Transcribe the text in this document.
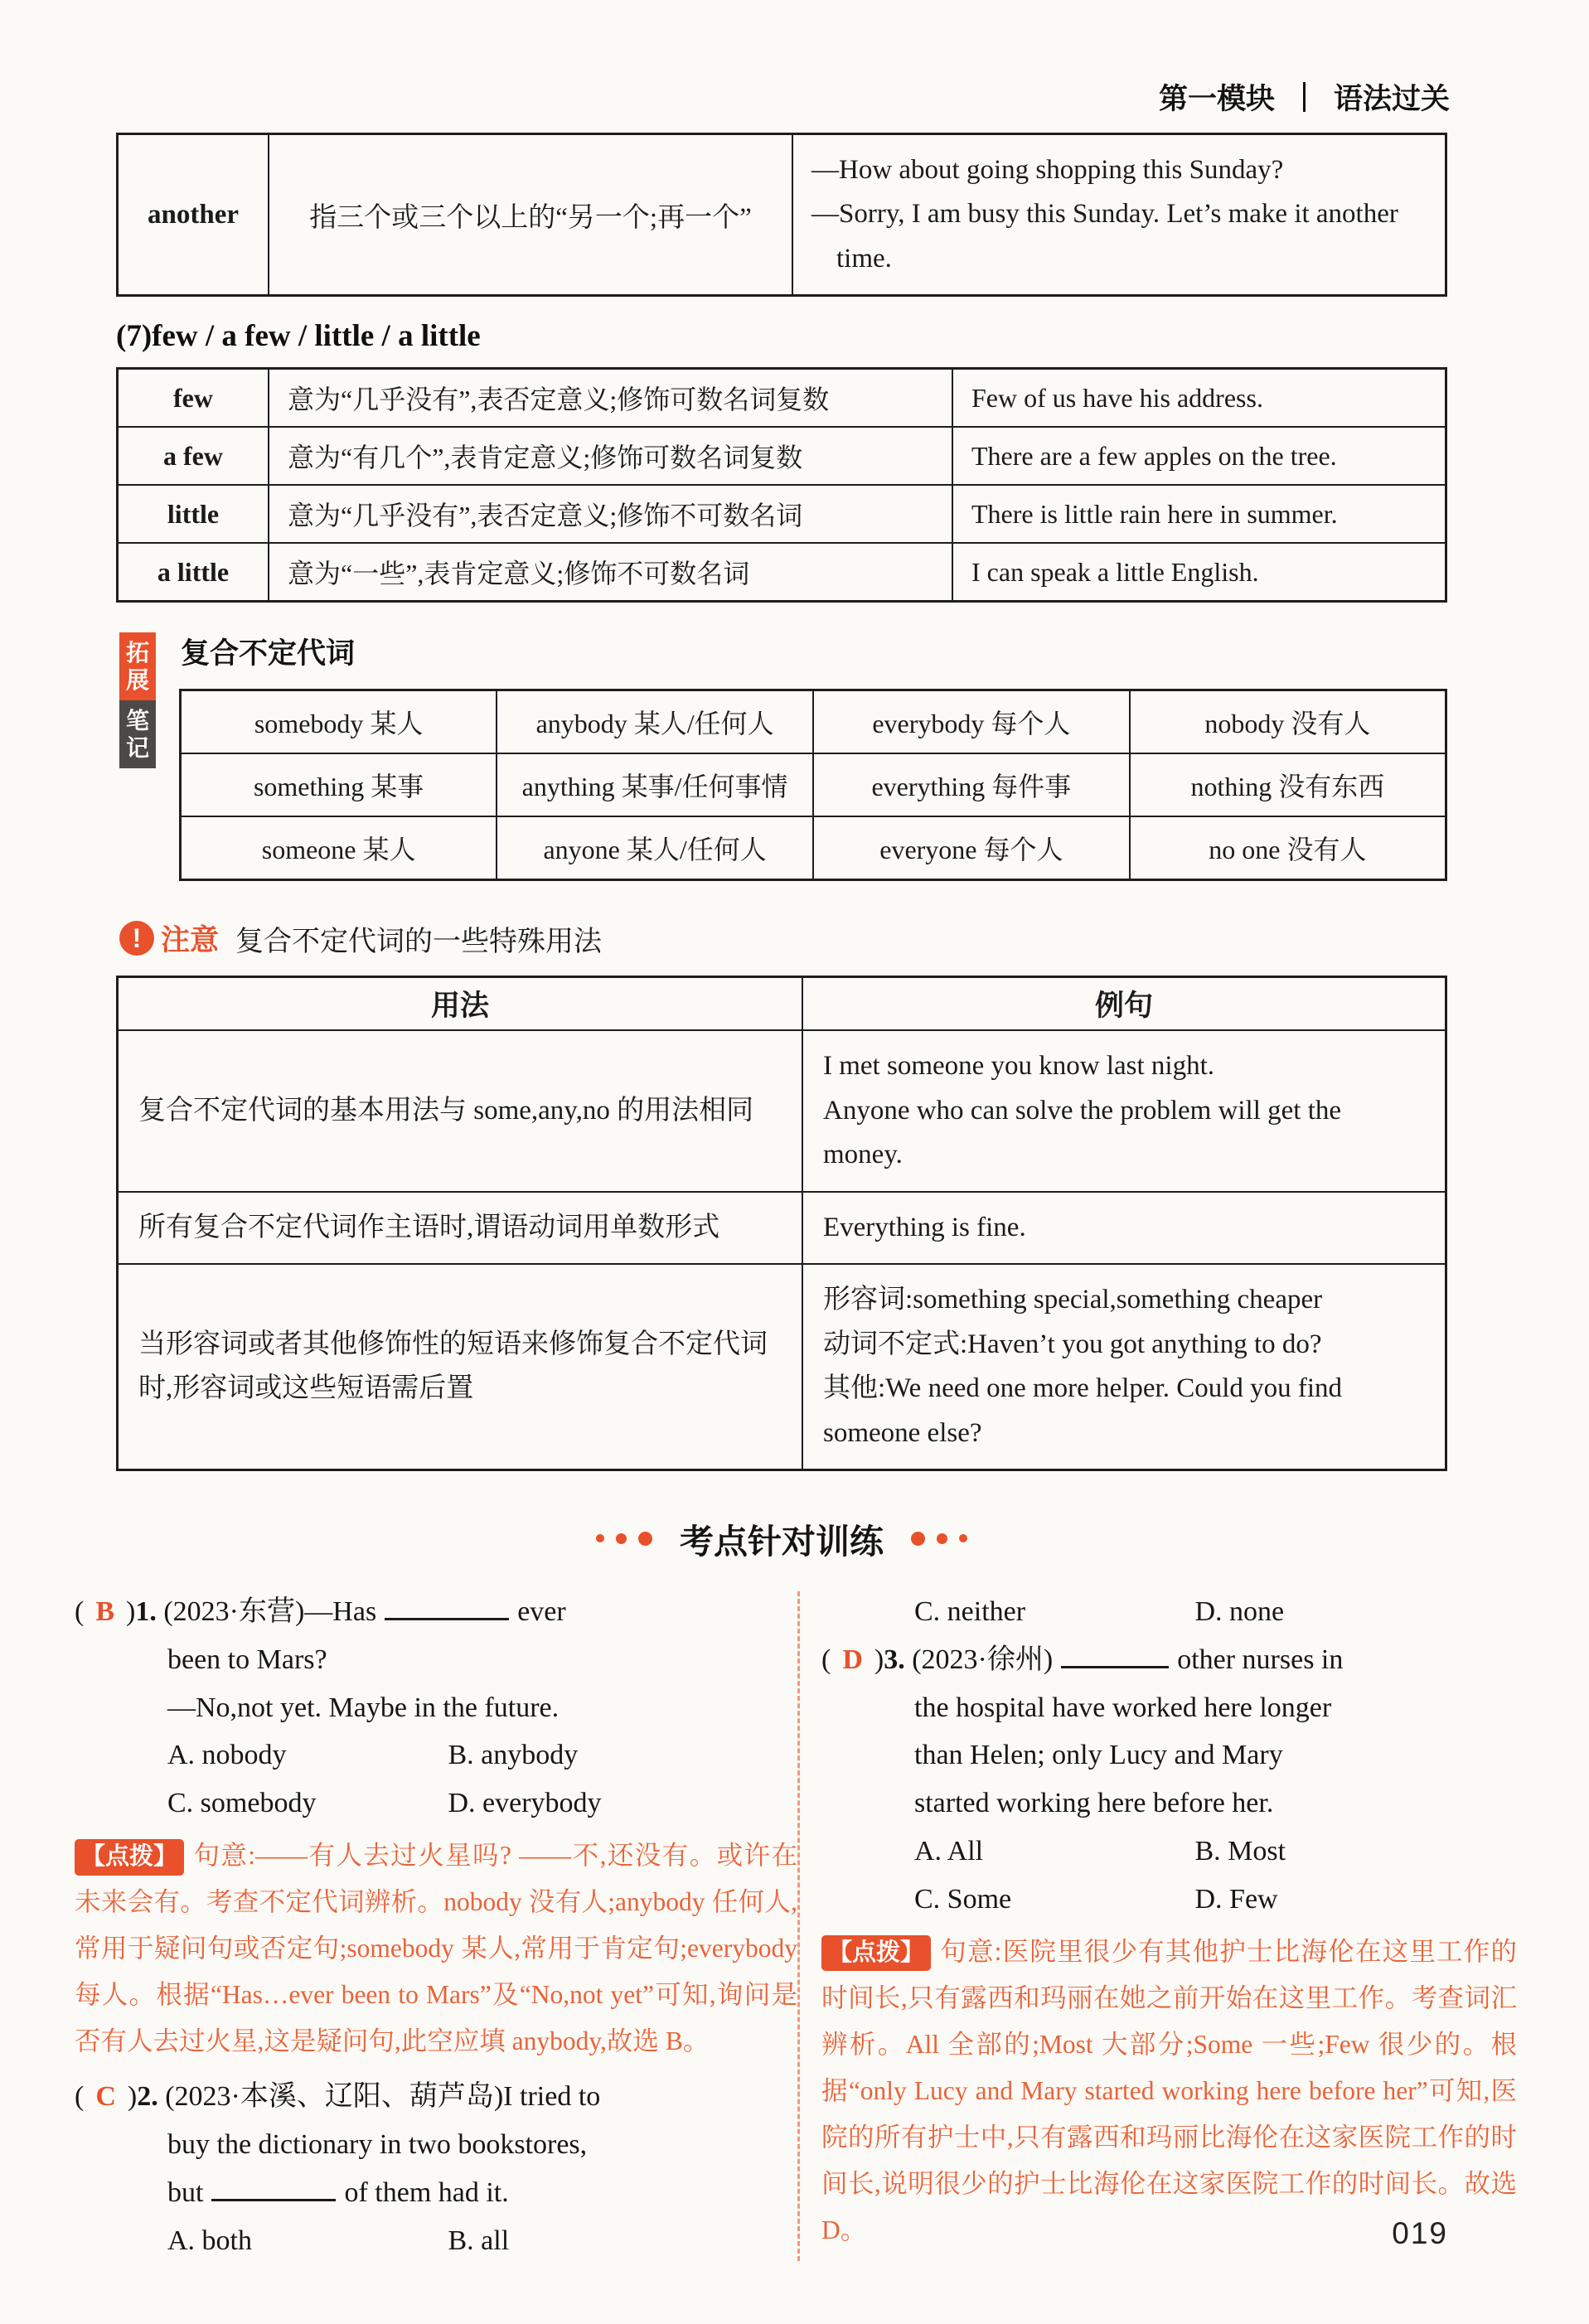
第一模块 语法过关
another	指三个或三个以上的“另一个;再一个”	
—How about going shopping this Sunday?
—Sorry, I am busy this Sunday. Let’s make it another time.
(7)few / a few / little / a little
few	意为“几乎没有”,表否定意义;修饰可数名词复数	Few of us have his address.
a few	意为“有几个”,表肯定意义;修饰可数名词复数	There are a few apples on the tree.
little	意为“几乎没有”,表否定意义;修饰不可数名词	There is little rain here in summer.
a little	意为“一些”,表肯定意义;修饰不可数名词	I can speak a little English.
拓
展
笔
记
复合不定代词
somebody 某人	anybody 某人/任何人	everybody 每个人	nobody 没有人
something 某事	anything 某事/任何事情	everything 每件事	nothing 没有东西
someone 某人	anyone 某人/任何人	everyone 每个人	no one 没有人
! 注意 复合不定代词的一些特殊用法
用法	例句
复合不定代词的基本用法与 some,any,no 的用法相同	I met someone you know last night.
Anyone who can solve the problem will get the money.

所有复合不定代词作主语时,谓语动词用单数形式	Everything is fine.
当形容词或者其他修饰性的短语来修饰复合不定代词时,形容词或这些短语需后置	形容词:something special,something cheaper
动词不定式:Haven’t you got anything to do?
其他:We need one more helper. Could you find someone else?
考点针对训练
( B )1. (2023·东营)—Has	ever
been to Mars?
—No,not yet. Maybe in the future.
A. nobody	B. anybody
C. somebody	D. everybody
【点拨】 句意:——有人去过火星吗? ——不,还没有。或许在未来会有。考查不定代词辨析。nobody 没有人;anybody 任何人,常用于疑问句或否定句;somebody 某人,常用于肯定句;everybody 每人。根据“Has…ever been to Mars”及“No,not yet”可知,询问是否有人去过火星,这是疑问句,此空应填 anybody,故选 B。
( C )2. (2023·本溪、辽阳、葫芦岛)I tried to
buy the dictionary in two bookstores,
but	of them had it.
A. both	B. all
C. neither	D. none
( D )3. (2023·徐州)	other nurses in
the hospital have worked here longer
than Helen; only Lucy and Mary
started working here before her.
A. All	B. Most
C. Some	D. Few
【点拨】 句意:医院里很少有其他护士比海伦在这里工作的时间长,只有露西和玛丽在她之前开始在这里工作。考查词汇辨析。All 全部的;Most 大部分;Some 一些;Few 很少的。根据“only Lucy and Mary started working here before her”可知,医院的所有护士中,只有露西和玛丽比海伦在这家医院工作的时间长,说明很少的护士比海伦在这家医院工作的时间长。故选 D。	019
